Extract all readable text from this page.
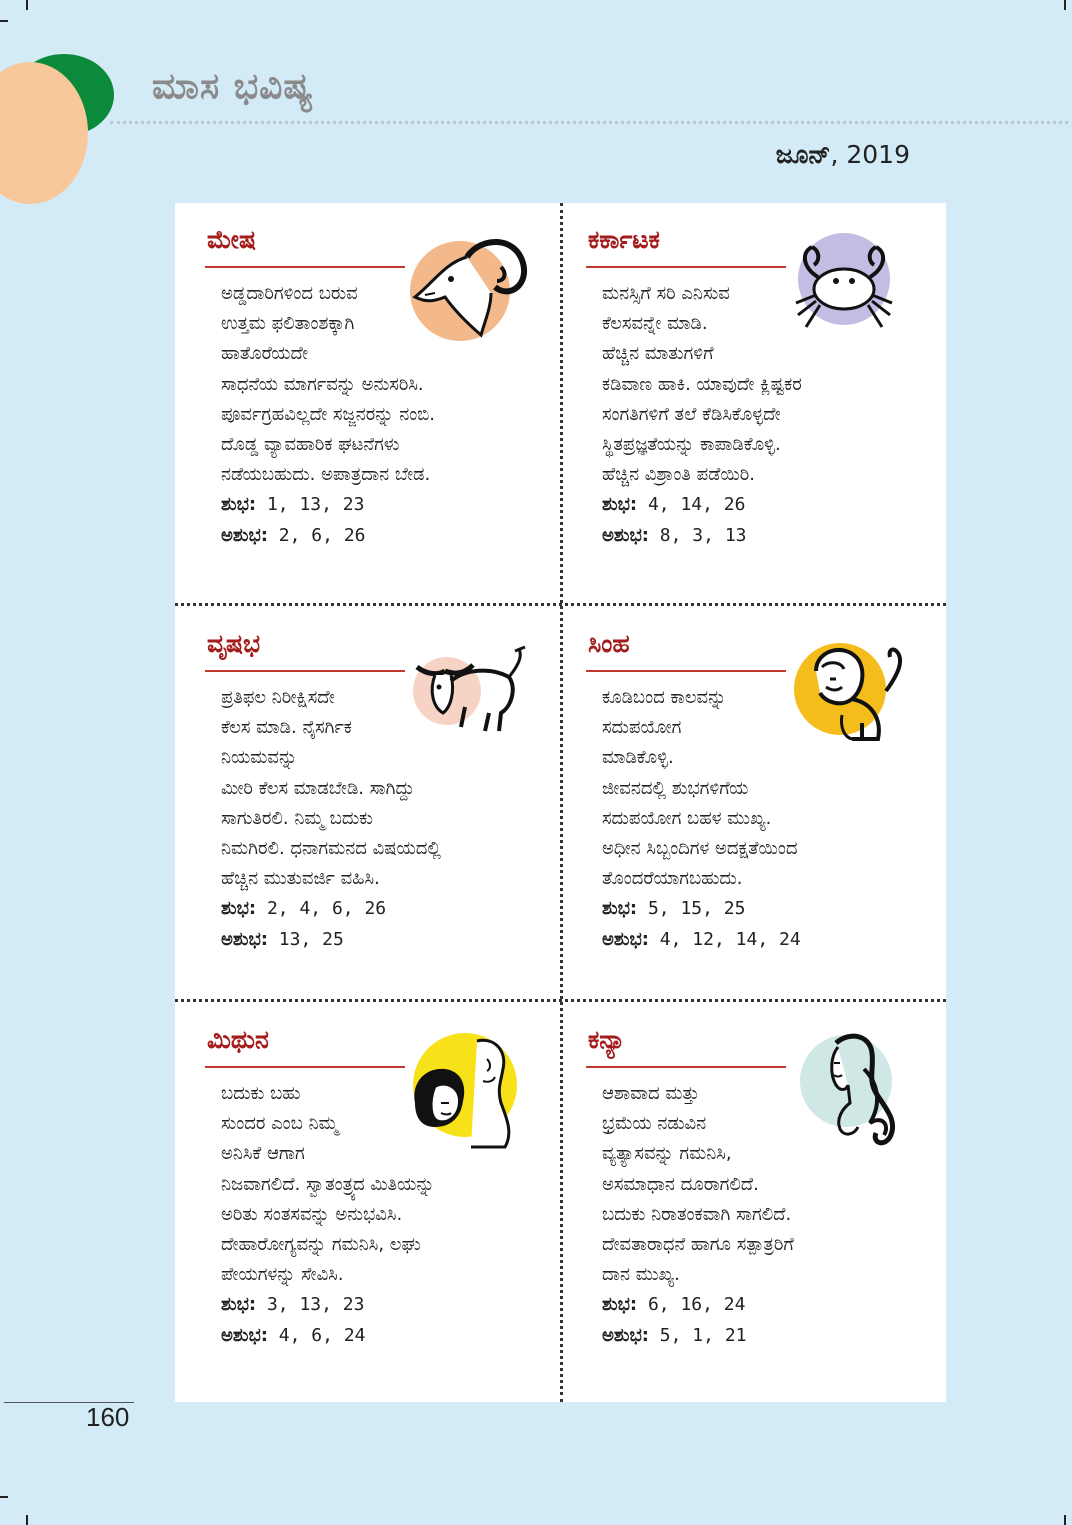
ಮಾಸ ಭವಿಷ್ಯ
ಜೂನ್, 2019
ಮೇಷ
ಅಡ್ಡದಾರಿಗಳಿಂದ ಬರುವ
ಉತ್ತಮ ಫಲಿತಾಂಶಕ್ಕಾಗಿ
ಹಾತೊರೆಯದೇ
ಸಾಧನೆಯ ಮಾರ್ಗವನ್ನು ಅನುಸರಿಸಿ.
ಪೂರ್ವಗ್ರಹವಿಲ್ಲದೇ ಸಜ್ಜನರನ್ನು ನಂಬಿ.
ದೊಡ್ಡ ವ್ಯಾವಹಾರಿಕ ಘಟನೆಗಳು
ನಡೆಯಬಹುದು. ಅಪಾತ್ರದಾನ ಬೇಡ.
ಶುಭ: 1, 13, 23
ಅಶುಭ: 2, 6, 26
ಕರ್ಕಾಟಕ
ಮನಸ್ಸಿಗೆ ಸರಿ ಎನಿಸುವ
ಕೆಲಸವನ್ನೇ ಮಾಡಿ.
ಹೆಚ್ಚಿನ ಮಾತುಗಳಿಗೆ
ಕಡಿವಾಣ ಹಾಕಿ. ಯಾವುದೇ ಕ್ಲಿಷ್ಟಕರ
ಸಂಗತಿಗಳಿಗೆ ತಲೆ ಕೆಡಿಸಿಕೊಳ್ಳದೇ
ಸ್ಥಿತಪ್ರಜ್ಞತೆಯನ್ನು ಕಾಪಾಡಿಕೊಳ್ಳಿ.
ಹೆಚ್ಚಿನ ವಿಶ್ರಾಂತಿ ಪಡೆಯಿರಿ.
ಶುಭ: 4, 14, 26
ಅಶುಭ: 8, 3, 13
ವೃಷಭ
ಪ್ರತಿಫಲ ನಿರೀಕ್ಷಿಸದೇ
ಕೆಲಸ ಮಾಡಿ. ನೈಸರ್ಗಿಕ
ನಿಯಮವನ್ನು
ಮೀರಿ ಕೆಲಸ ಮಾಡಬೇಡಿ. ಸಾಗಿದ್ದು
ಸಾಗುತಿರಲಿ. ನಿಮ್ಮ ಬದುಕು
ನಿಮಗಿರಲಿ. ಧನಾಗಮನದ ವಿಷಯದಲ್ಲಿ
ಹೆಚ್ಚಿನ ಮುತುವರ್ಜಿ ವಹಿಸಿ.
ಶುಭ: 2, 4, 6, 26
ಅಶುಭ: 13, 25
ಸಿಂಹ
ಕೂಡಿಬಂದ ಕಾಲವನ್ನು
ಸದುಪಯೋಗ
ಮಾಡಿಕೊಳ್ಳಿ.
ಜೀವನದಲ್ಲಿ ಶುಭಗಳಿಗೆಯ
ಸದುಪಯೋಗ ಬಹಳ ಮುಖ್ಯ.
ಅಧೀನ ಸಿಬ್ಬಂದಿಗಳ ಅದಕ್ಷತೆಯಿಂದ
ತೊಂದರೆಯಾಗಬಹುದು.
ಶುಭ: 5, 15, 25
ಅಶುಭ: 4, 12, 14, 24
ಮಿಥುನ
ಬದುಕು ಬಹು
ಸುಂದರ ಎಂಬ ನಿಮ್ಮ
ಅನಿಸಿಕೆ ಆಗಾಗ
ನಿಜವಾಗಲಿದೆ. ಸ್ವಾತಂತ್ರ್ಯದ ಮಿತಿಯನ್ನು
ಅರಿತು ಸಂತಸವನ್ನು ಅನುಭವಿಸಿ.
ದೇಹಾರೋಗ್ಯವನ್ನು ಗಮನಿಸಿ, ಲಘು
ಪೇಯಗಳನ್ನು ಸೇವಿಸಿ.
ಶುಭ: 3, 13, 23
ಅಶುಭ: 4, 6, 24
ಕನ್ಯಾ
ಆಶಾವಾದ ಮತ್ತು
ಭ್ರಮೆಯ ನಡುವಿನ
ವ್ಯತ್ಯಾಸವನ್ನು ಗಮನಿಸಿ,
ಅಸಮಾಧಾನ ದೂರಾಗಲಿದೆ.
ಬದುಕು ನಿರಾತಂಕವಾಗಿ ಸಾಗಲಿದೆ.
ದೇವತಾರಾಧನೆ ಹಾಗೂ ಸತ್ಪಾತ್ರರಿಗೆ
ದಾನ ಮುಖ್ಯ.
ಶುಭ: 6, 16, 24
ಅಶುಭ: 5, 1, 21
160
